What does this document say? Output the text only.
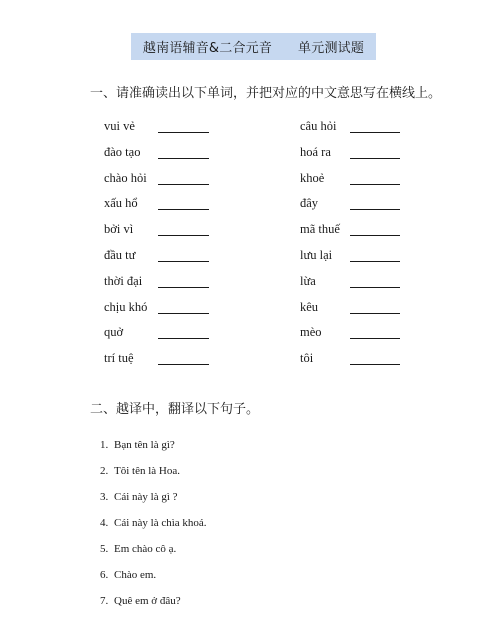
越南语辅音&二合元音      单元测试题
一、请准确读出以下单词，并把对应的中文意思写在横线上。
vui vẻ
đào tạo
chào hỏi
xấu hổ
bởi vì
đầu tư
thời đại
chịu khó
quở
trí tuệ
câu hỏi
hoá ra
khoẻ
đây
mã thuế
lưu lại
lừa
kêu
mèo
tôi
二、越译中，翻译以下句子。
1. Bạn tên là gì?
2. Tôi tên là Hoa.
3. Cái này là gì ?
4. Cái này là chìa khoá.
5. Em chào cô ạ.
6. Chào em.
7. Quê em ở đâu?
